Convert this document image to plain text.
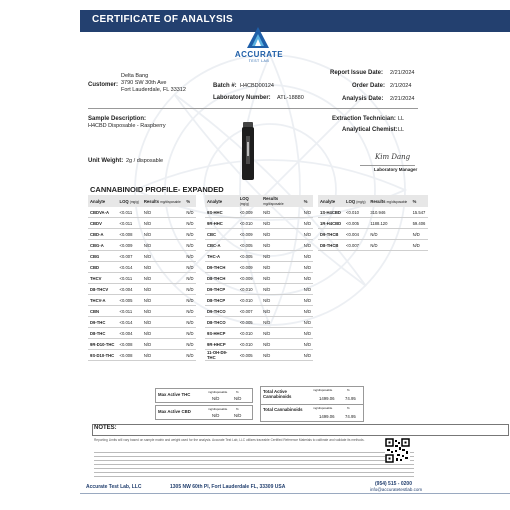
CERTIFICATE OF ANALYSIS
ACCURATE
TEST LAB
Customer:
Delta Bang
3790 SW 30th Ave
Fort Lauderdale, FL 33312
Batch #: H4CBD00124
Laboratory Number: ATL-18880
Report Issue Date: 2/21/2024
Order Date: 2/1/2024
Analysis Date: 2/21/2024
Sample Description:
H4CBD Disposable - Raspberry
Unit Weight: 2g / disposable
Extraction Technician: LL
Analytical Chemist: LL
Kim Dang
Laboratory Manager
CANNABINOID PROFILE- EXPANDED
Analyte	LOQ (mg/g)	Results mg/disposable	%
CBDVA-A	<0.011	N/D	N/D
CBDV	<0.011	N/D	N/D
CBD-A	<0.008	N/D	N/D
CBG-A	<0.009	N/D	N/D
CBG	<0.007	N/D	N/D
CBD	<0.014	N/D	N/D
THCV	<0.011	N/D	N/D
D8-THCV	<0.004	N/D	N/D
THCV-A	<0.005	N/D	N/D
CBN	<0.011	N/D	N/D
D9-THC	<0.014	N/D	N/D
D8-THC	<0.004	N/D	N/D
9R-D10-THC	<0.008	N/D	N/D
9S-D10-THC	<0.008	N/D	N/D
Analyte	LOQ (mg/g)	Results mg/disposable	%
9S-HHC	<0.009	N/D	N/D
9R-HHC	<0.010	N/D	N/D
CBC	<0.009	N/D	N/D
CBC-A	<0.005	N/D	N/D
THC-A	<0.005	N/D	N/D
D9-THCH	<0.009	N/D	N/D
D8-THCH	<0.009	N/D	N/D
D9-THCP	<0.010	N/D	N/D
D8-THCP	<0.010	N/D	N/D
D9-THCO	<0.007	N/D	N/D
D8-THCO	<0.005	N/D	N/D
9S-HHCP	<0.010	N/D	N/D
9R-HHCP	<0.010	N/D	N/D
11-OH-D9-THC	<0.005	N/D	N/D
Analyte	LOQ (mg/g)	Results mg/disposable	%
1S-H4CBD	<0.010	310.946	15.547
1R-H4CBD	<0.005	1188.120	59.406
D9-THCB	<0.004	N/D	N/D
D8-THCB	<0.007	N/D	N/D
Max Active THC	mg/disposable	%
N/D	N/D
Max Active CBD	mg/disposable	%
N/D	N/D
Total Active Cannabinoids
mg/disposable	%
1499.06 74.95
Total Cannabinoids	mg/disposable	%
1499.06 74.95
NOTES:
Reporting Limits will vary based on sample matrix and weight used for the analysis. Accurate Test Lab, LLC utilizes traceable Certified Reference Materials to calibrate and validate its methods.
Accurate Test Lab, LLC	1305 NW 60th Pl, Fort Lauderdale FL, 33309 USA	(954) 515 - 0200
info@accuratetestlab.com
